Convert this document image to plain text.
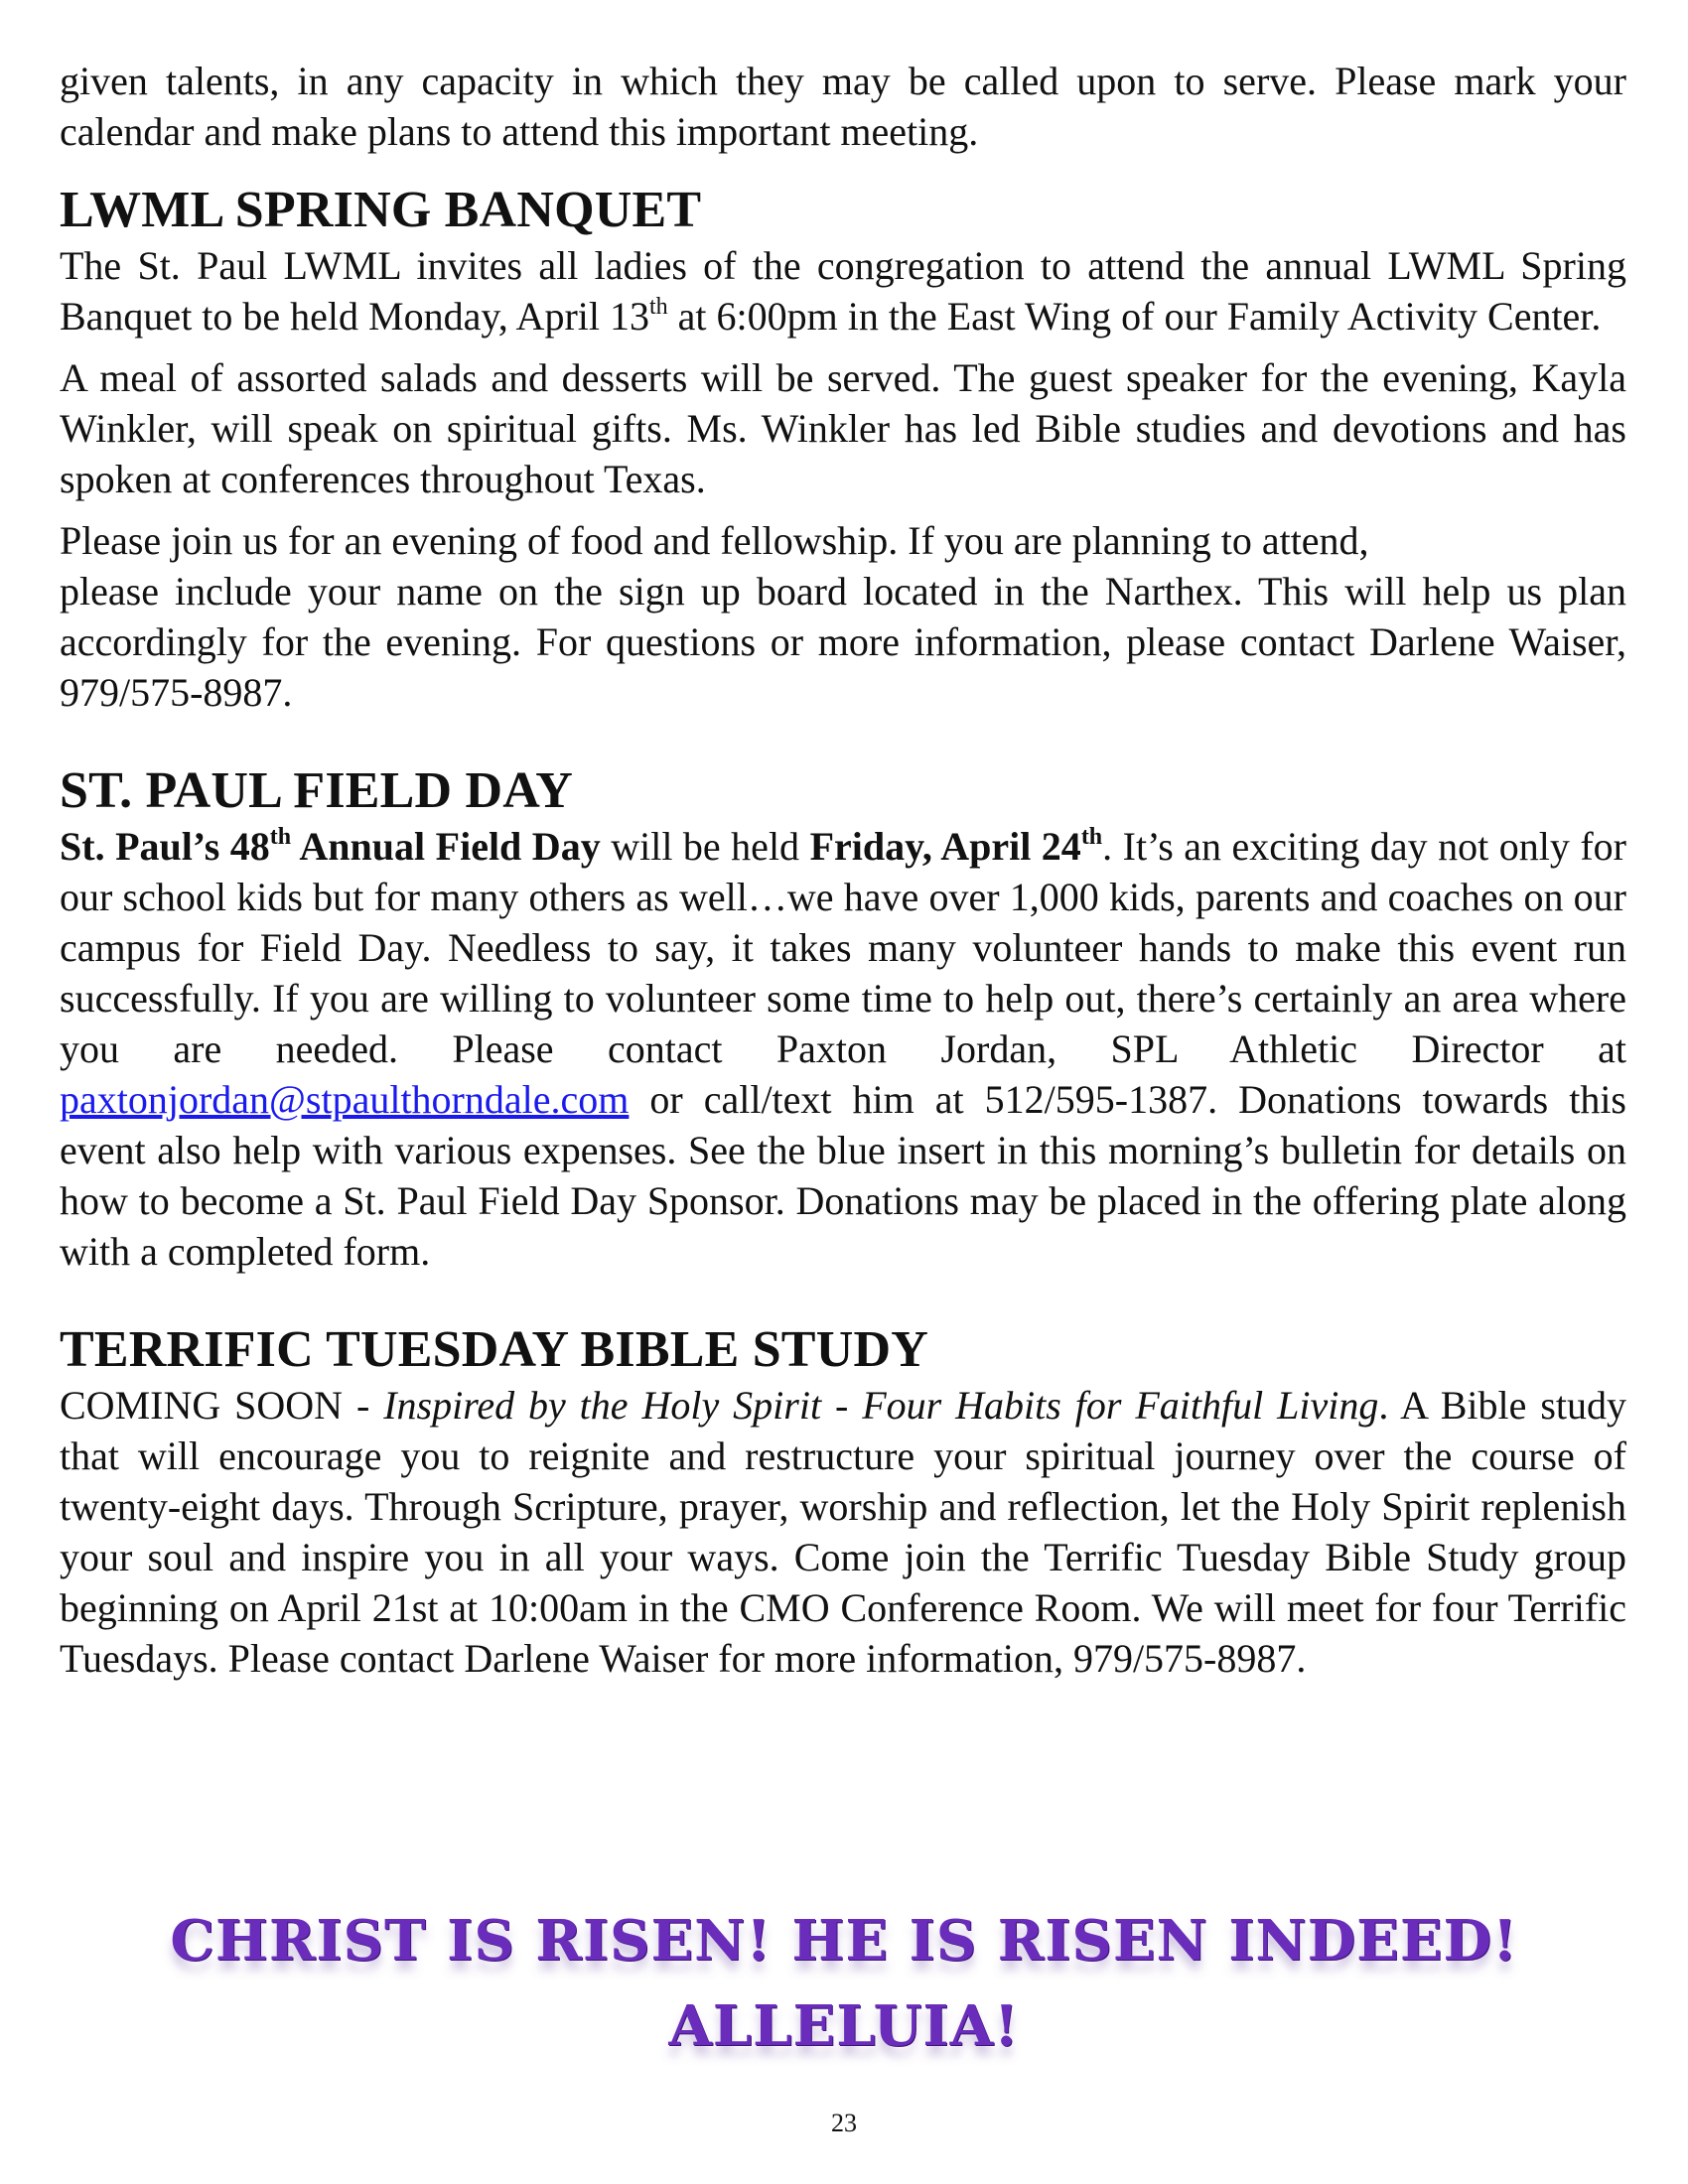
given talents, in any capacity in which they may be called upon to serve. Please mark your calendar and make plans to attend this important meeting.

LWML SPRING BANQUET

The St. Paul LWML invites all ladies of the congregation to attend the annual LWML Spring Banquet to be held Monday, April 13th at 6:00pm in the East Wing of our Family Activity Center.

A meal of assorted salads and desserts will be served. The guest speaker for the evening, Kayla Winkler, will speak on spiritual gifts. Ms. Winkler has led Bible studies and devotions and has spoken at conferences throughout Texas.

Please join us for an evening of food and fellowship. If you are planning to attend,
please include your name on the sign up board located in the Narthex. This will help us plan accordingly for the evening. For questions or more information, please contact Darlene Waiser, 979/575-8987.

ST. PAUL FIELD DAY

St. Paul’s 48th Annual Field Day will be held Friday, April 24th. It’s an exciting day not only for our school kids but for many others as well…we have over 1,000 kids, parents and coaches on our campus for Field Day. Needless to say, it takes many volunteer hands to make this event run successfully. If you are willing to volunteer some time to help out, there’s certainly an area where you are needed. Please contact Paxton Jordan, SPL Athletic Director at paxtonjordan@stpaulthorndale.com or call/text him at 512/595-1387. Donations towards this event also help with various expenses. See the blue insert in this morning’s bulletin for details on how to become a St. Paul Field Day Sponsor. Donations may be placed in the offering plate along with a completed form.

TERRIFIC TUESDAY BIBLE STUDY

COMING SOON - Inspired by the Holy Spirit - Four Habits for Faithful Living. A Bible study that will encourage you to reignite and restructure your spiritual journey over the course of twenty-eight days. Through Scripture, prayer, worship and reflection, let the Holy Spirit replenish your soul and inspire you in all your ways. Come join the Terrific Tuesday Bible Study group beginning on April 21st at 10:00am in the CMO Conference Room. We will meet for four Terrific Tuesdays. Please contact Darlene Waiser for more information, 979/575-8987.

CHRIST IS RISEN! HE IS RISEN INDEED!
ALLELUIA!
23
